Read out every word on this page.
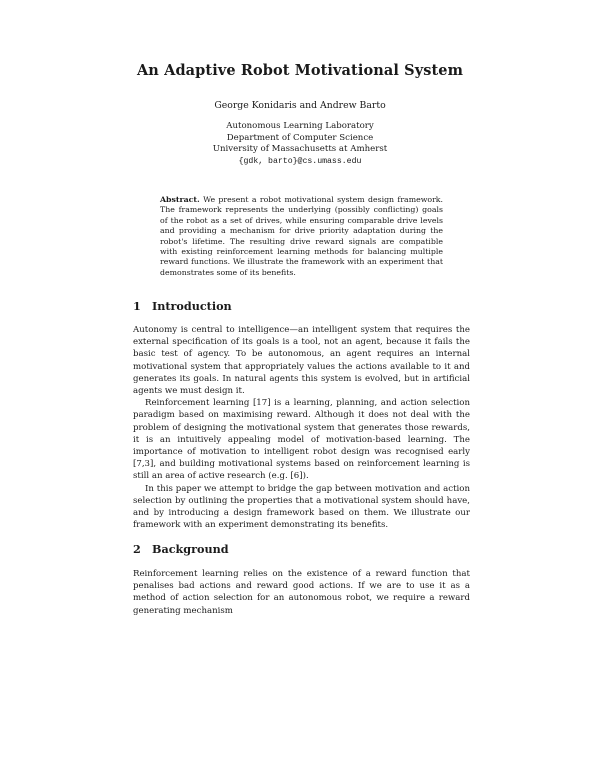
An Adaptive Robot Motivational System
George Konidaris and Andrew Barto
Autonomous Learning Laboratory
Department of Computer Science
University of Massachusetts at Amherst
{gdk, barto}@cs.umass.edu
Abstract. We present a robot motivational system design framework. The framework represents the underlying (possibly conflicting) goals of the robot as a set of drives, while ensuring comparable drive levels and providing a mechanism for drive priority adaptation during the robot's lifetime. The resulting drive reward signals are compatible with existing reinforcement learning methods for balancing multiple reward functions. We illustrate the framework with an experiment that demonstrates some of its benefits.
1 Introduction

Autonomy is central to intelligence—an intelligent system that requires the external specification of its goals is a tool, not an agent, because it fails the basic test of agency. To be autonomous, an agent requires an internal motivational system that appropriately values the actions available to it and generates its goals. In natural agents this system is evolved, but in artificial agents we must design it.

Reinforcement learning [17] is a learning, planning, and action selection paradigm based on maximising reward. Although it does not deal with the problem of designing the motivational system that generates those rewards, it is an intuitively appealing model of motivation-based learning. The importance of motivation to intelligent robot design was recognised early [7,3], and building motivational systems based on reinforcement learning is still an area of active research (e.g. [6]).

In this paper we attempt to bridge the gap between motivation and action selection by outlining the properties that a motivational system should have, and by introducing a design framework based on them. We illustrate our framework with an experiment demonstrating its benefits.

2 Background

Reinforcement learning relies on the existence of a reward function that penalises bad actions and reward good actions. If we are to use it as a method of action selection for an autonomous robot, we require a reward generating mechanism
